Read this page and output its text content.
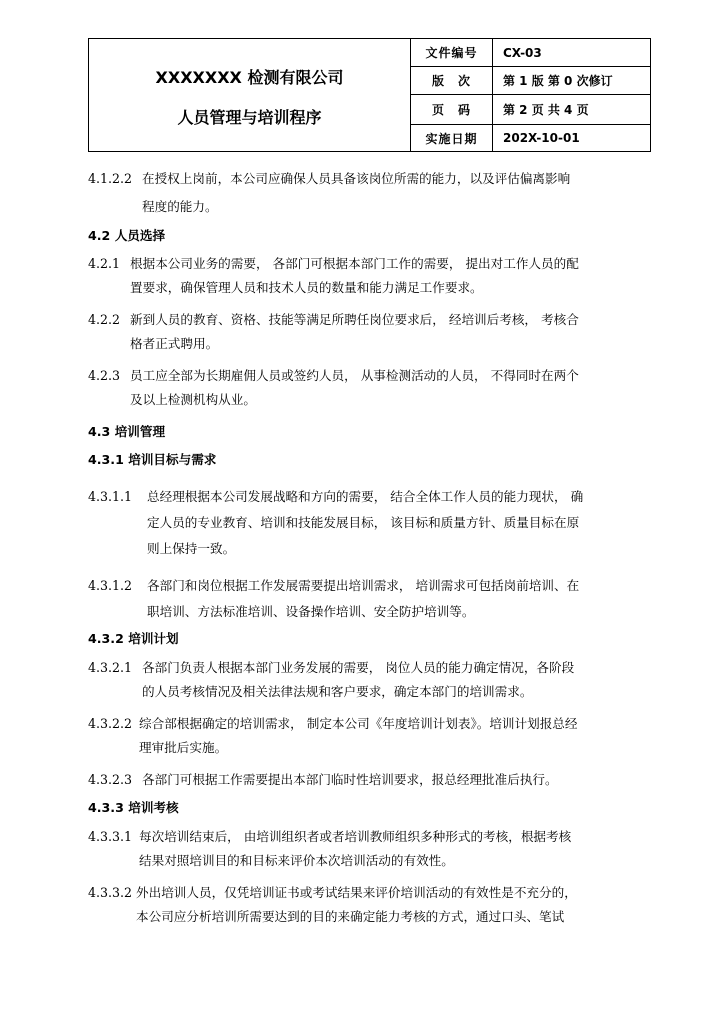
XXXXXXX 检测有限公司
人员管理与培训程序
文件编号	CX-03
版　次	第 1 版 第 0 次修订
页　码	第 2 页 共 4 页
实施日期	202X-10-01
4.1.2.2 在授权上岗前，本公司应确保人员具备该岗位所需的能力，以及评估偏离影响
程度的能力。
4.2 人员选择
4.2.1 根据本公司业务的需要， 各部门可根据本部门工作的需要， 提出对工作人员的配
置要求，确保管理人员和技术人员的数量和能力满足工作要求。
4.2.2 新到人员的教育、资格、技能等满足所聘任岗位要求后， 经培训后考核， 考核合
格者正式聘用。
4.2.3 员工应全部为长期雇佣人员或签约人员， 从事检测活动的人员， 不得同时在两个
及以上检测机构从业。
4.3 培训管理
4.3.1 培训目标与需求
4.3.1.1 总经理根据本公司发展战略和方向的需要， 结合全体工作人员的能力现状， 确
定人员的专业教育、培训和技能发展目标， 该目标和质量方针、质量目标在原
则上保持一致。
4.3.1.2 各部门和岗位根据工作发展需要提出培训需求， 培训需求可包括岗前培训、在
职培训、方法标准培训、设备操作培训、安全防护培训等。
4.3.2 培训计划
4.3.2.1 各部门负责人根据本部门业务发展的需要， 岗位人员的能力确定情况，各阶段
的人员考核情况及相关法律法规和客户要求，确定本部门的培训需求。
4.3.2.2 综合部根据确定的培训需求， 制定本公司《年度培训计划表》。培训计划报总经
理审批后实施。
4.3.2.3 各部门可根据工作需要提出本部门临时性培训要求，报总经理批准后执行。
4.3.3 培训考核
4.3.3.1 每次培训结束后， 由培训组织者或者培训教师组织多种形式的考核，根据考核
结果对照培训目的和目标来评价本次培训活动的有效性。
4.3.3.2 外出培训人员，仅凭培训证书或考试结果来评价培训活动的有效性是不充分的，
本公司应分析培训所需要达到的目的来确定能力考核的方式，通过口头、笔试
